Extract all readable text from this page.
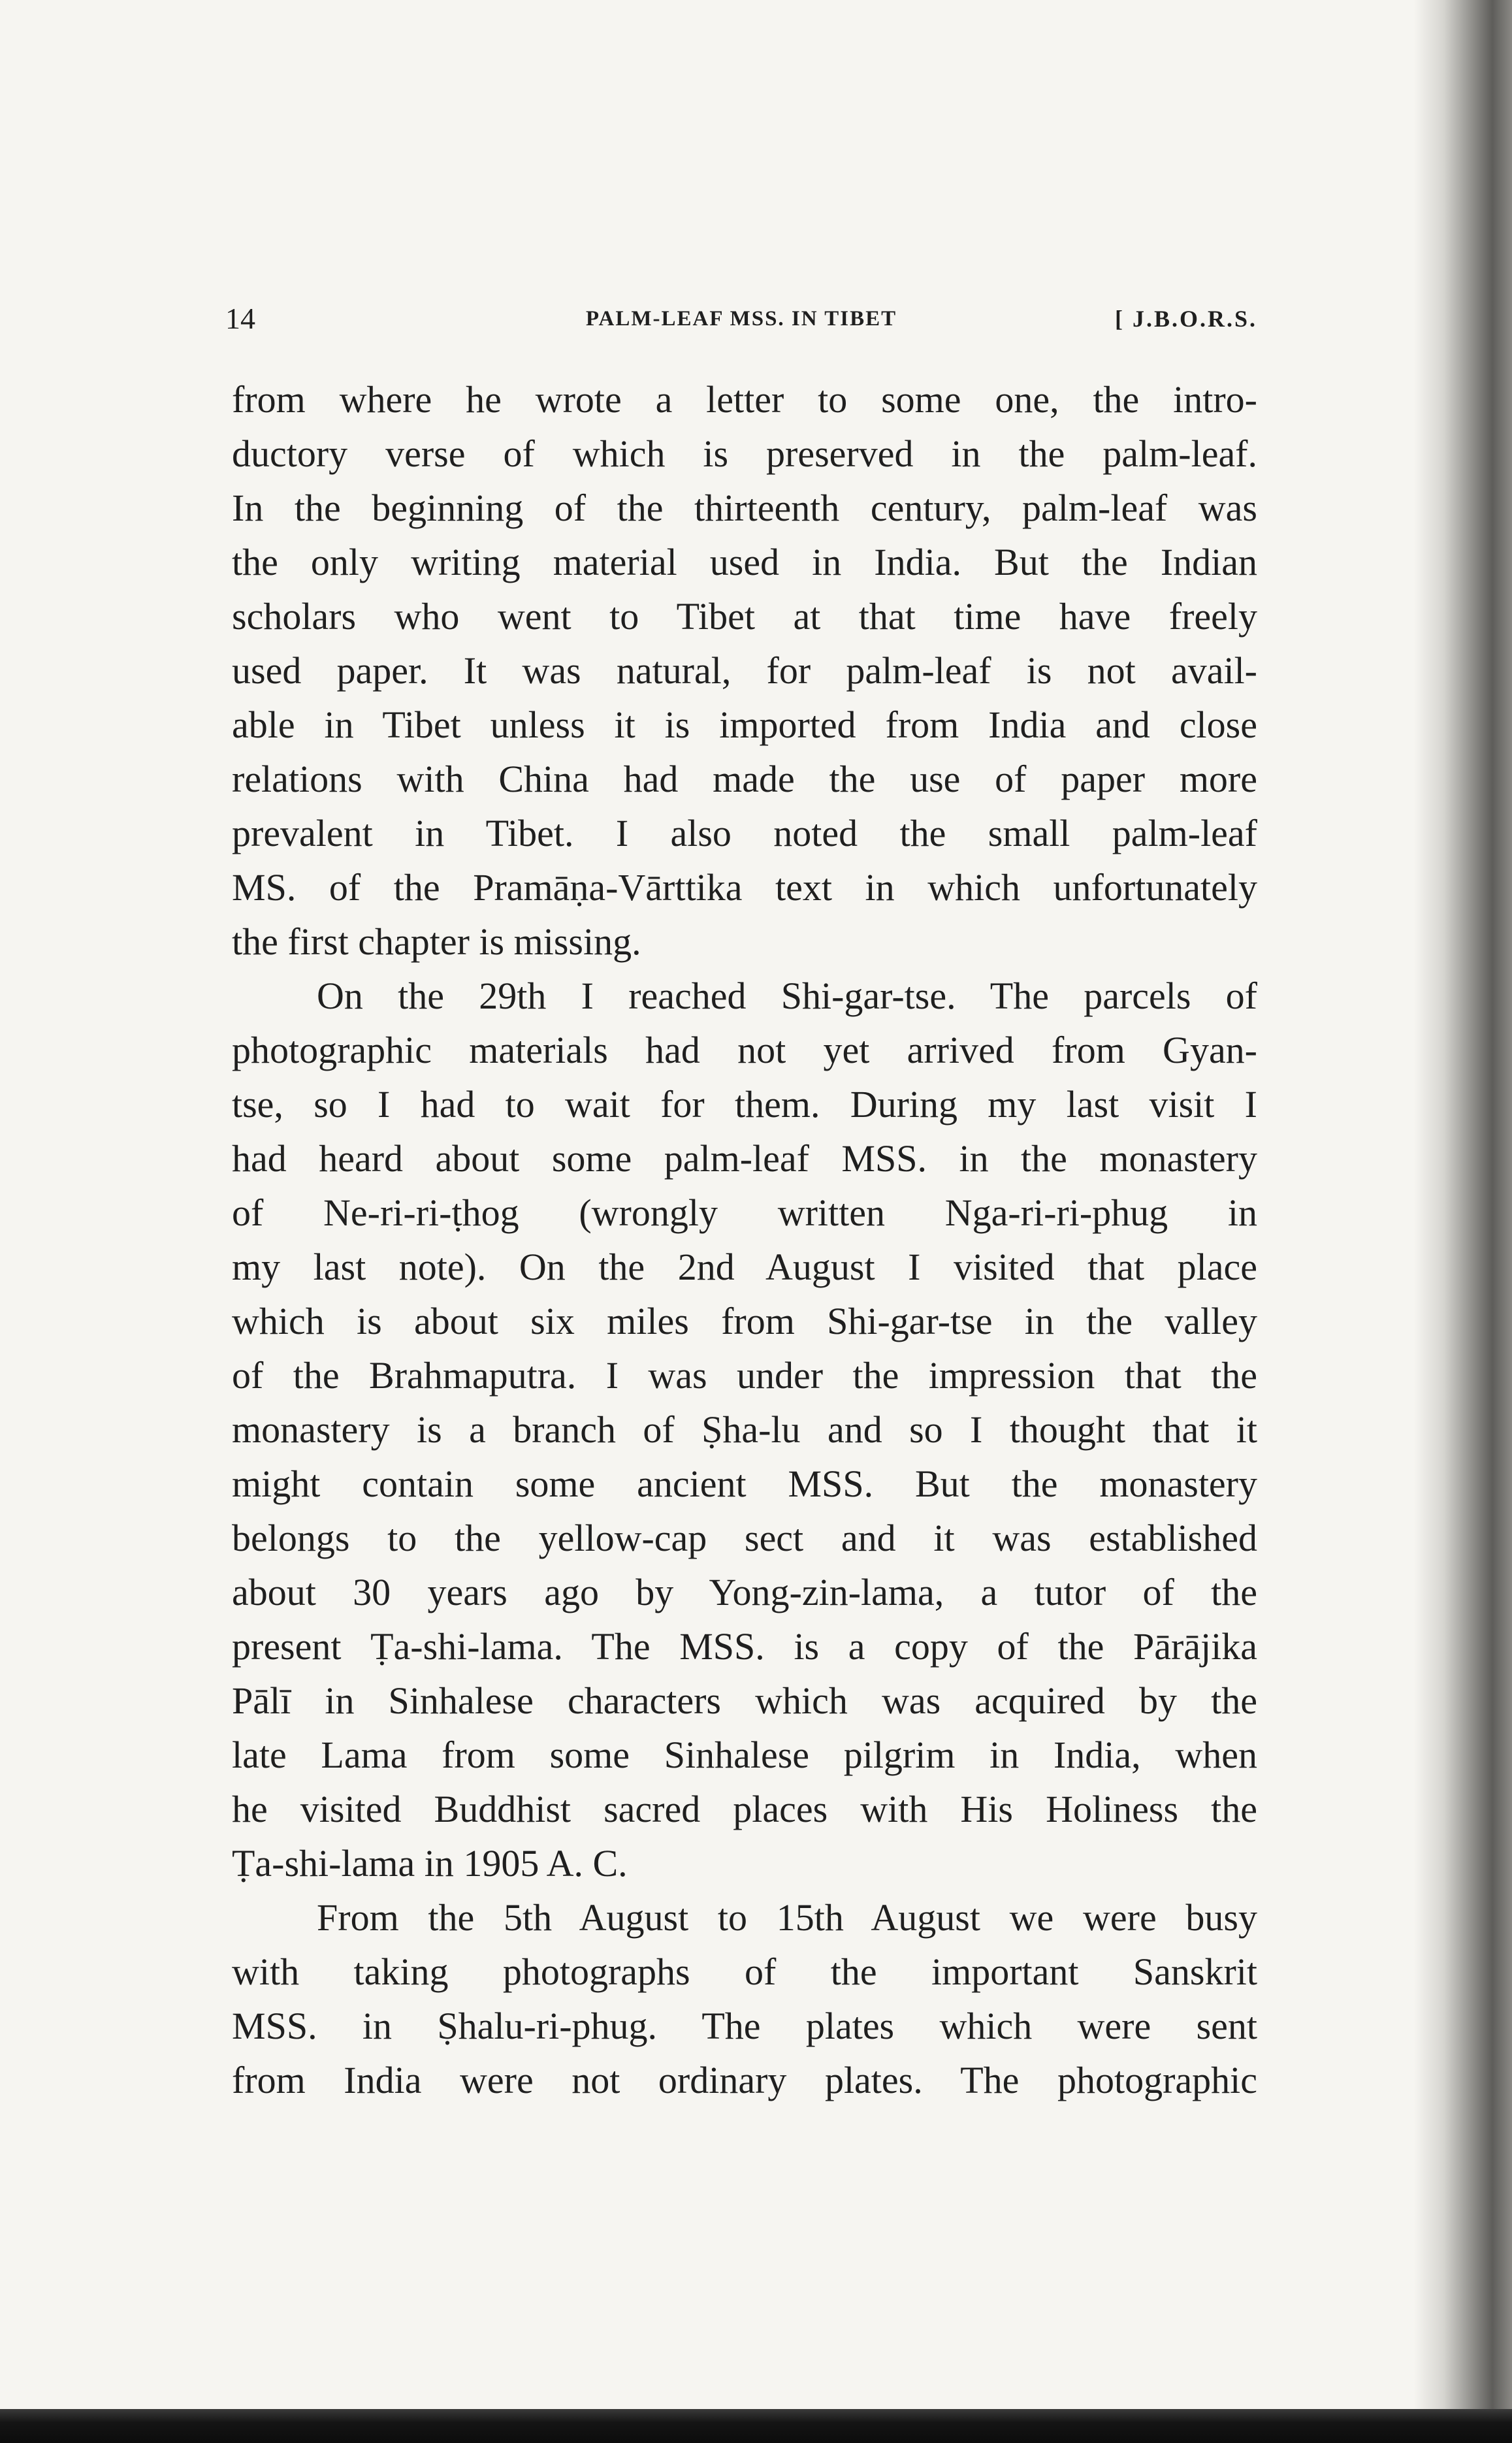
14	PALM-LEAF MSS. IN TIBET	[ J.B.O.R.S.

from where he wrote a letter to some one, the intro-
ductory verse of which is preserved in the palm-leaf.
In the beginning of the thirteenth century, palm-leaf was
the only writing material used in India. But the Indian
scholars who went to Tibet at that time have freely
used paper. It was natural, for palm-leaf is not avail-
able in Tibet unless it is imported from India and close
relations with China had made the use of paper more
prevalent in Tibet. I also noted the small palm-leaf
MS. of the Pramāṇa-Vārttika text in which unfortunately
the first chapter is missing.

On the 29th I reached Shi-gar-tse. The parcels of
photographic materials had not yet arrived from Gyan-
tse, so I had to wait for them. During my last visit I
had heard about some palm-leaf MSS. in the monastery
of Ne-ri-ri-ṭhog (wrongly written Nga-ri-ri-phug in
my last note). On the 2nd August I visited that place
which is about six miles from Shi-gar-tse in the valley
of the Brahmaputra. I was under the impression that the
monastery is a branch of Ṣha-lu and so I thought that it
might contain some ancient MSS. But the monastery
belongs to the yellow-cap sect and it was established
about 30 years ago by Yong-zin-lama, a tutor of the
present Ṭa-shi-lama. The MSS. is a copy of the Pārājika
Pālī in Sinhalese characters which was acquired by the
late Lama from some Sinhalese pilgrim in India, when
he visited Buddhist sacred places with His Holiness the
Ṭa-shi-lama in 1905 A. C.

From the 5th August to 15th August we were busy
with taking photographs of the important Sanskrit
MSS. in Ṣhalu-ri-phug. The plates which were sent
from India were not ordinary plates. The photographic
